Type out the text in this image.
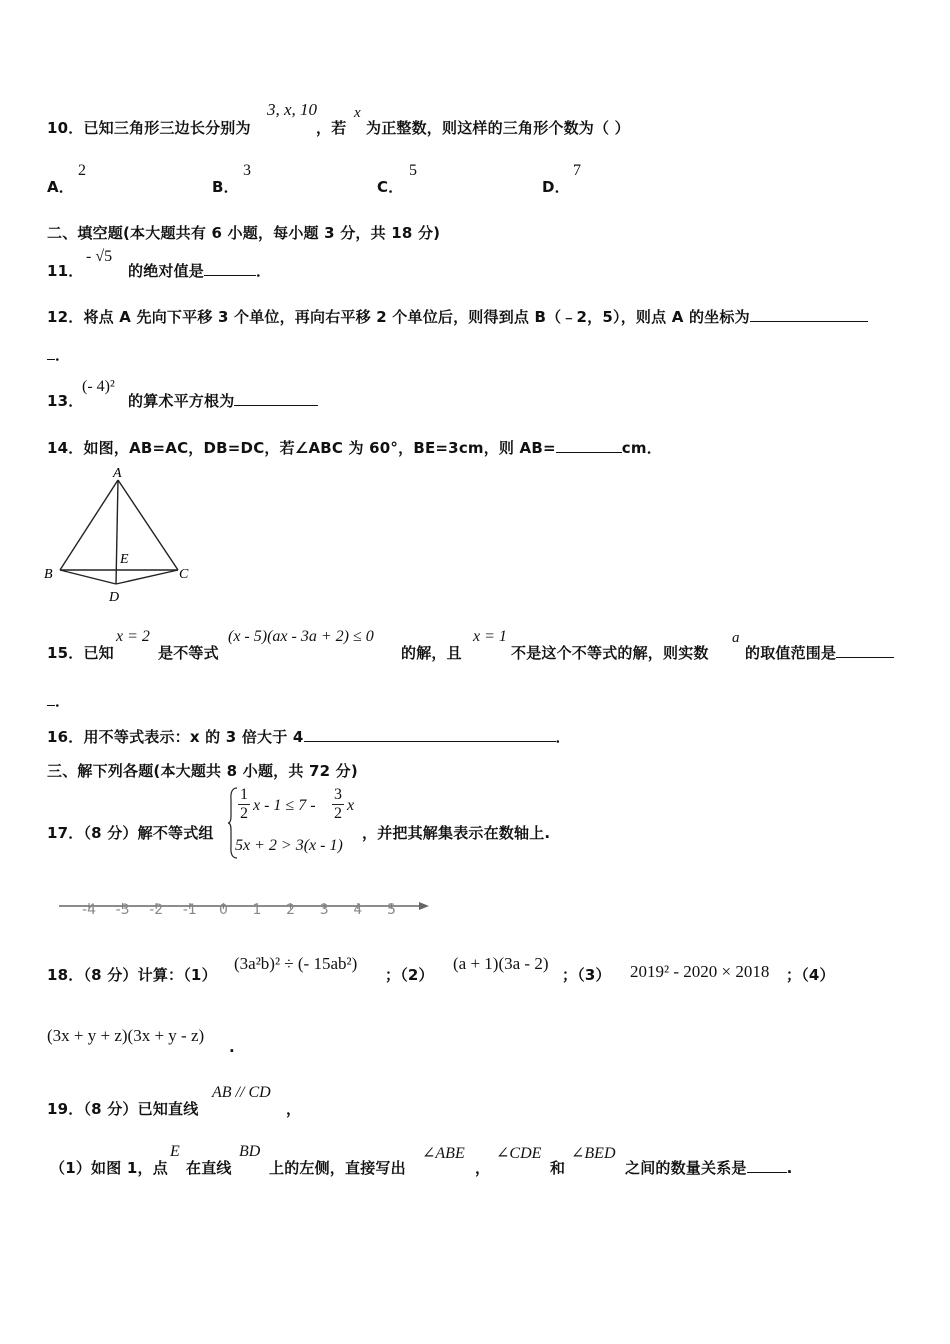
10．已知三角形三边长分别为
3, x, 10
，若
x
为正整数，则这样的三角形个数为（ ）
A．
2
B．
3
C．
5
D．
7
二、填空题(本大题共有 6 小题，每小题 3 分，共 18 分)
11．
- √5
的绝对值是	．
12．将点 A 先向下平移 3 个单位，再向右平移 2 个单位后，则得到点 B（﹣2，5），则点 A 的坐标为
．
13．
(- 4)²
的算术平方根为
14．如图，AB=AC，DB=DC，若∠ABC 为 60°，BE=3cm，则 AB=	cm．
A
B	C
D
E
15．已知
x = 2
是不等式
(x - 5)(ax - 3a + 2) ≤ 0
的解，且
x = 1
不是这个不等式的解，则实数
a
的取值范围是
．
16．用不等式表示：x 的 3 倍大于 4	．
三、解下列各题(本大题共 8 小题，共 72 分)
17．（8 分）解不等式组
1
2 x - 1 ≤ 7 -
3
2 x
5x + 2 > 3(x - 1)
，并把其解集表示在数轴上.
-4 -3 -2 -1 0 1 2 3 4 5
18．（8 分）计算：（1）
(3a²b)² ÷ (- 15ab²)
；（2）
(a + 1)(3a - 2)
；（3） 2019² - 2020 × 2018 ；（4）
(3x + y + z)(3x + y - z)
.
19．（8 分）已知直线
AB // CD
，
（1）如图 1，点
E
在直线
BD
上的左侧，直接写出
∠ABE
，
∠CDE
和
∠BED
之间的数量关系是	.
